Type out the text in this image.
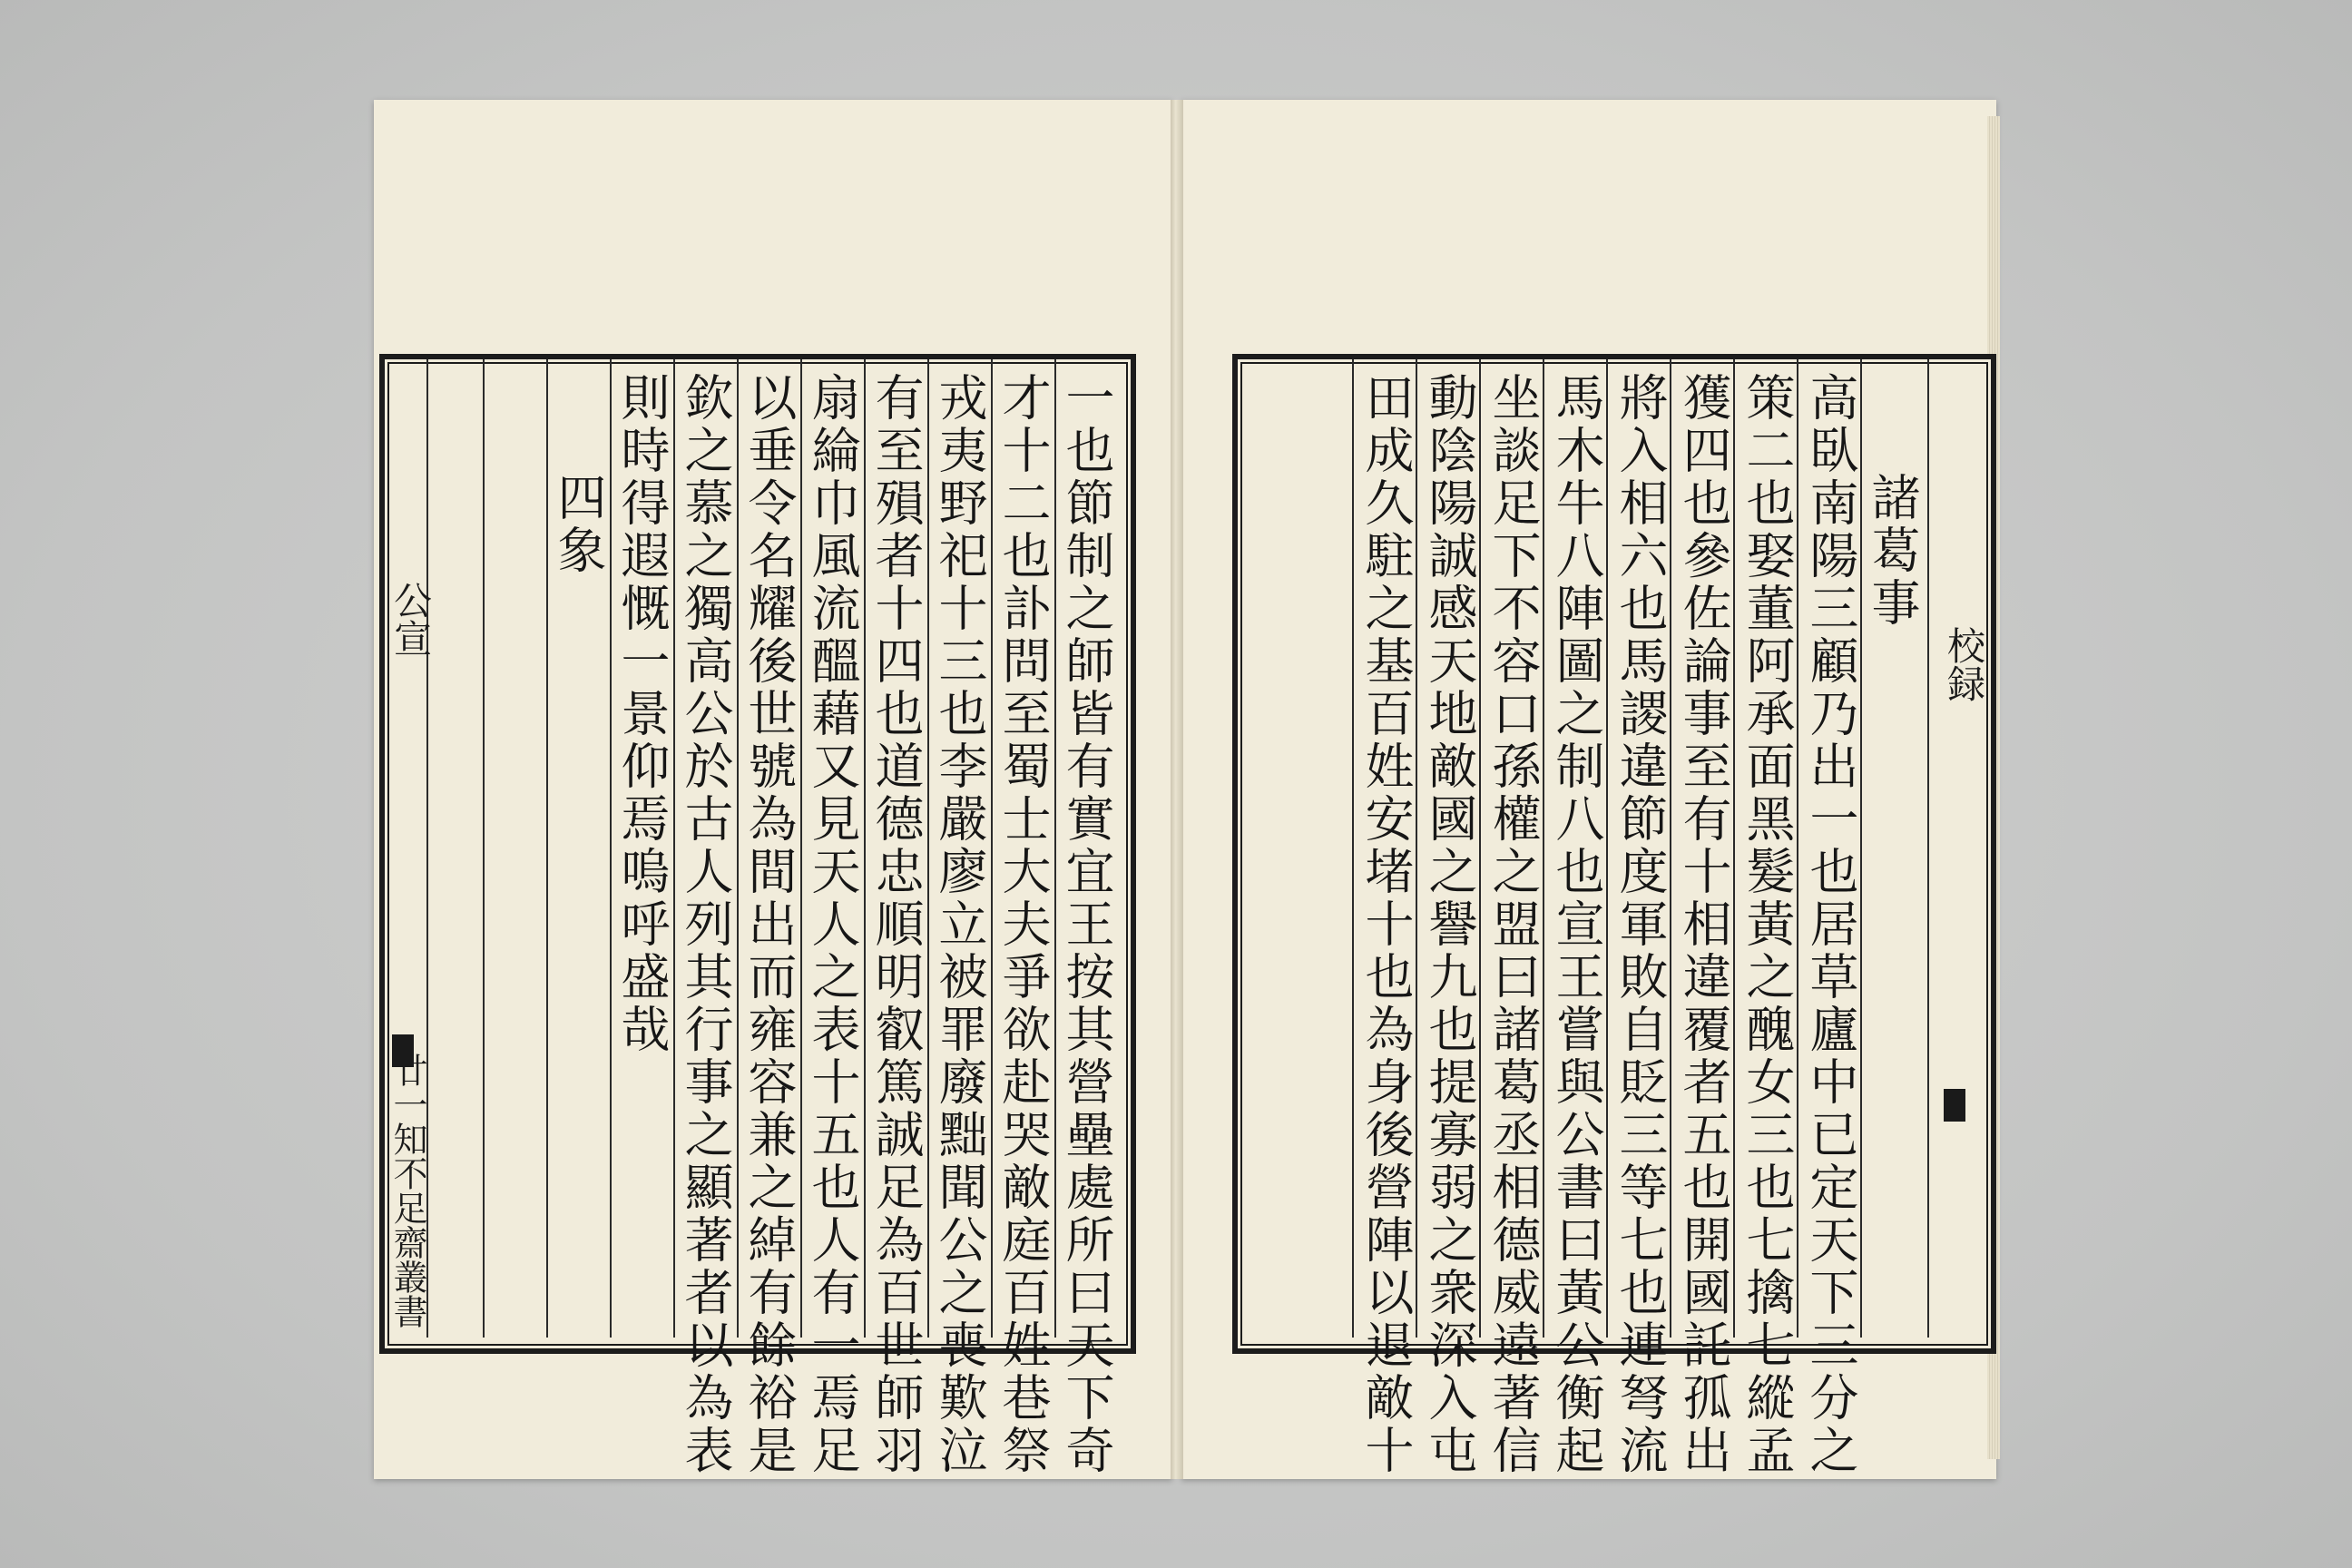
公宣
廿一知不足齋叢書	一也節制之師皆有實宜王按其營壘處所曰天下奇
才十二也訃問至蜀士大夫爭欲赴哭敵庭百姓巷祭
戎夷野祀十三也李嚴廖立被罪廢黜聞公之喪歎泣
有至殞者十四也道德忠順明叡篤誠足為百世師羽
扇綸巾風流醞藉又見天人之表十五也人有一焉足
以垂令名耀後世號為間出而雍容兼之綽有餘裕是
欽之慕之獨高公於古人列其行事之顯著者以為表
則時得遐慨一景仰焉嗚呼盛哉
四象
校録
諸葛事
高臥南陽三顧乃出一也居草廬中已定天下三分之
策二也娶董阿承面黑髮黃之醜女三也七擒七縱孟
獲四也參佐論事至有十相違覆者五也開國託孤出
將入相六也馬謖違節度軍敗自貶三等七也連弩流
馬木牛八陣圖之制八也宣王嘗與公書曰黃公衡起
坐談足下不容口孫權之盟曰諸葛丞相德威遠著信
動陰陽誠感天地敵國之譽九也提寡弱之衆深入屯
田成久駐之基百姓安堵十也為身後營陣以退敵十
